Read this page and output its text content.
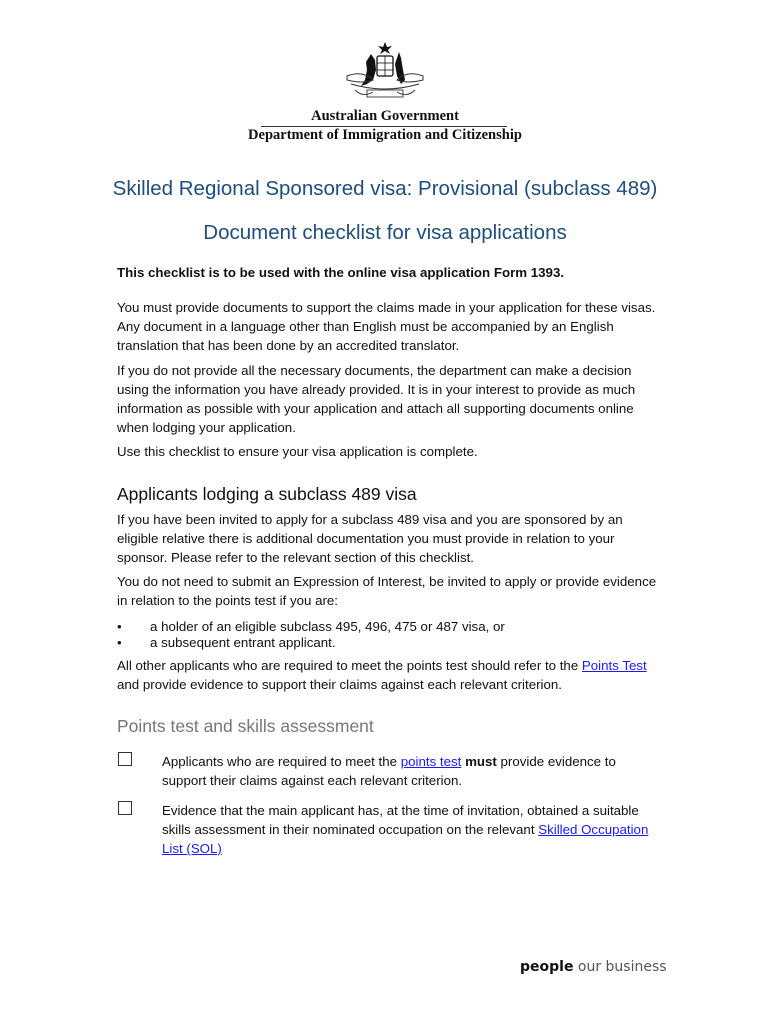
Australian Government
Department of Immigration and Citizenship
Skilled Regional Sponsored visa: Provisional (subclass 489)
Document checklist for visa applications
This checklist is to be used with the online visa application Form 1393.
You must provide documents to support the claims made in your application for these visas. Any document in a language other than English must be accompanied by an English translation that has been done by an accredited translator.
If you do not provide all the necessary documents, the department can make a decision using the information you have already provided. It is in your interest to provide as much information as possible with your application and attach all supporting documents online when lodging your application.
Use this checklist to ensure your visa application is complete.
Applicants lodging a subclass 489 visa
If you have been invited to apply for a subclass 489 visa and you are sponsored by an eligible relative there is additional documentation you must provide in relation to your sponsor. Please refer to the relevant section of this checklist.
You do not need to submit an Expression of Interest, be invited to apply or provide evidence in relation to the points test if you are:
• a holder of an eligible subclass 495, 496, 475 or 487 visa, or
• a subsequent entrant applicant.
All other applicants who are required to meet the points test should refer to the Points Test and provide evidence to support their claims against each relevant criterion.
Points test and skills assessment
Applicants who are required to meet the points test must provide evidence to support their claims against each relevant criterion.
Evidence that the main applicant has, at the time of invitation, obtained a suitable skills assessment in their nominated occupation on the relevant Skilled Occupation List (SOL)
people our business
